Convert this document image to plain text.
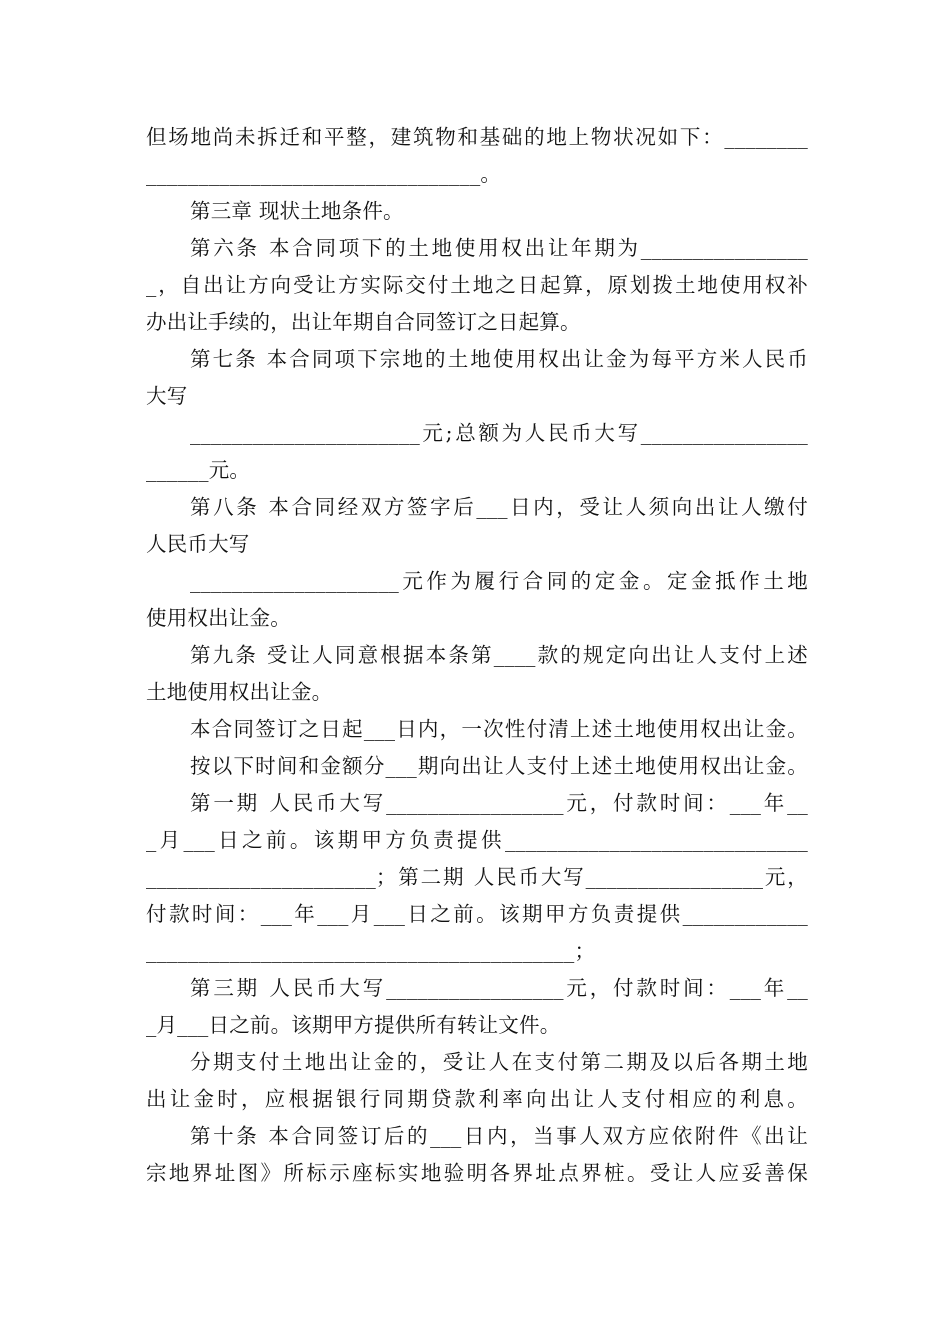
但场地尚未拆迁和平整，建筑物和基础的地上物状况如下：________
________________________________。
第三章 现状土地条件。
第六条 本合同项下的土地使用权出让年期为________________
_，自出让方向受让方实际交付土地之日起算，原划拨土地使用权补
办出让手续的，出让年期自合同签订之日起算。
第七条 本合同项下宗地的土地使用权出让金为每平方米人民币
大写
______________________元;总额为人民币大写________________
______元。
第八条 本合同经双方签字后___日内，受让人须向出让人缴付
人民币大写
____________________元作为履行合同的定金。定金抵作土地
使用权出让金。
第九条 受让人同意根据本条第____款的规定向出让人支付上述
土地使用权出让金。
本合同签订之日起___日内，一次性付清上述土地使用权出让金。
按以下时间和金额分___期向出让人支付上述土地使用权出让金。
第一期 人民币大写_________________元，付款时间：___年__
_月___日之前。该期甲方负责提供_____________________________
______________________；第二期 人民币大写_________________元，
付款时间：___年___月___日之前。该期甲方负责提供____________
_________________________________________；
第三期 人民币大写_________________元，付款时间：___年__
_月___日之前。该期甲方提供所有转让文件。
分期支付土地出让金的，受让人在支付第二期及以后各期土地
出让金时，应根据银行同期贷款利率向出让人支付相应的利息。
第十条 本合同签订后的___日内，当事人双方应依附件《出让
宗地界址图》所标示座标实地验明各界址点界桩。受让人应妥善保
